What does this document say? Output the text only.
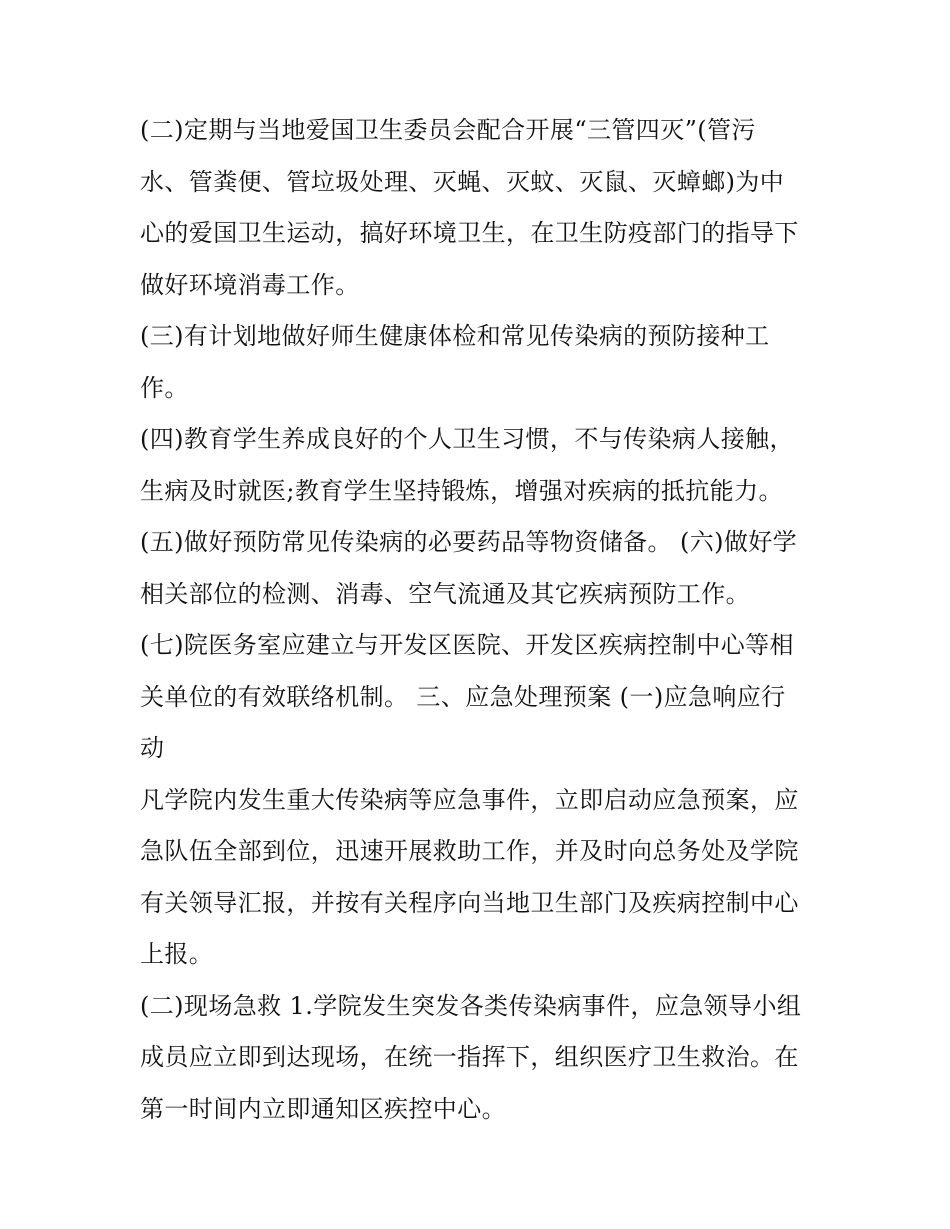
(二)定期与当地爱国卫生委员会配合开展“三管四灭”(管污
水、管粪便、管垃圾处理、灭蝇、灭蚊、灭鼠、灭蟑螂)为中
心的爱国卫生运动，搞好环境卫生，在卫生防疫部门的指导下
做好环境消毒工作。
(三)有计划地做好师生健康体检和常见传染病的预防接种工
作。
(四)教育学生养成良好的个人卫生习惯，不与传染病人接触，
生病及时就医;教育学生坚持锻炼，增强对疾病的抵抗能力。
(五)做好预防常见传染病的必要药品等物资储备。 (六)做好学
相关部位的检测、消毒、空气流通及其它疾病预防工作。
(七)院医务室应建立与开发区医院、开发区疾病控制中心等相
关单位的有效联络机制。 三、应急处理预案 (一)应急响应行
动
凡学院内发生重大传染病等应急事件，立即启动应急预案，应
急队伍全部到位，迅速开展救助工作，并及时向总务处及学院
有关领导汇报，并按有关程序向当地卫生部门及疾病控制中心
上报。
(二)现场急救 1.学院发生突发各类传染病事件，应急领导小组
成员应立即到达现场，在统一指挥下，组织医疗卫生救治。在
第一时间内立即通知区疾控中心。
